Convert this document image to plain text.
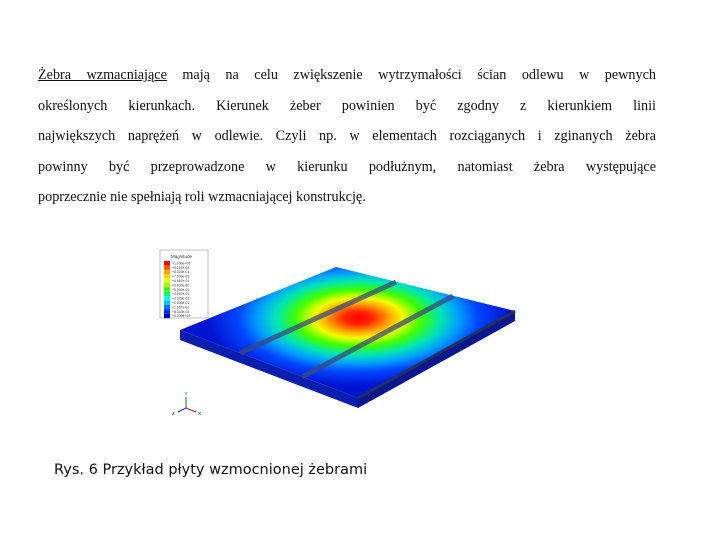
Żebra wzmacniające mają na celu zwiększenie wytrzymałości ścian odlewu w pewnych
określonych kierunkach. Kierunek żeber powinien być zgodny z kierunkiem linii
największych naprężeń w odlewie. Czyli np. w elementach rozciąganych i zginanych żebra
powinny być przeprowadzone w kierunku podłużnym, natomiast żebra występujące
poprzecznie nie spełniają roli wzmacniającej konstrukcję.
Magnitude
+1.000e+00
+9.167e-01
+8.333e-01
+7.500e-01
+6.667e-01
+5.833e-01
+5.000e-01
+4.167e-01
+3.333e-01
+2.500e-01
+1.667e-01
+8.333e-02
+0.000e+00
Y
Z	X
Rys. 6 Przykład płyty wzmocnionej żebrami
